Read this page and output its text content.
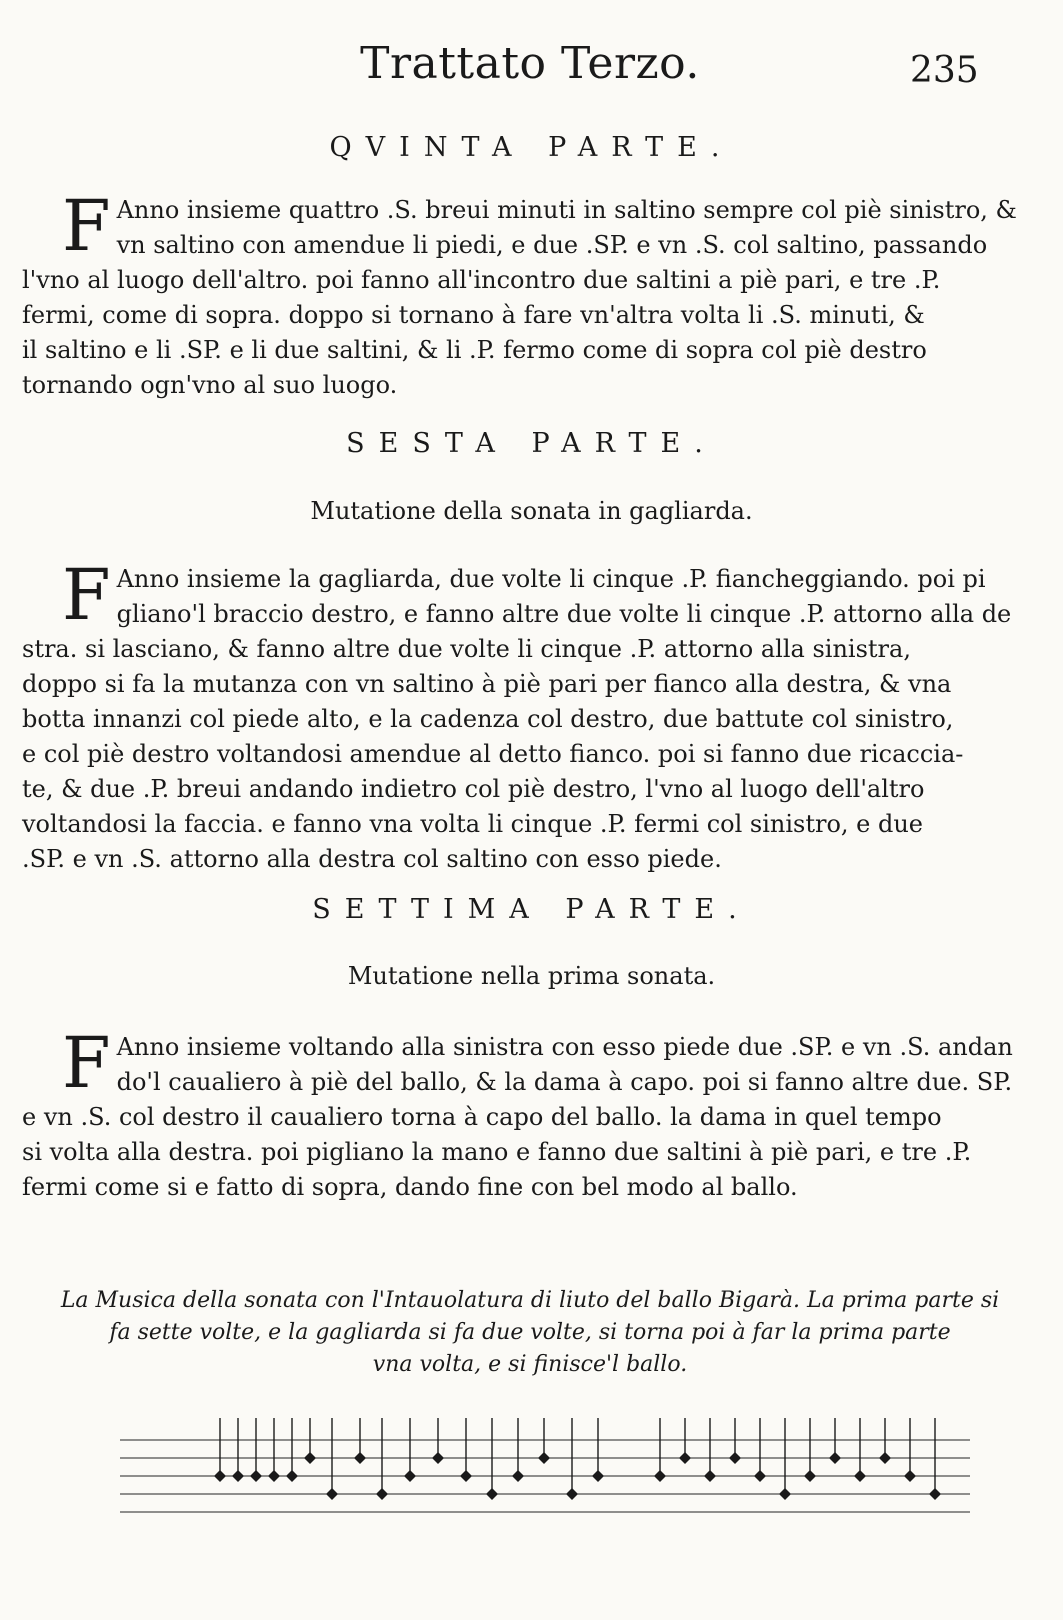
Trattato Terzo.	235
QVINTA PARTE.
F Anno insieme quattro .S. breui minuti in saltino sempre col piè sinistro, &
vn saltino con amendue li piedi, e due .SP. e vn .S. col saltino, passando
l'vno al luogo dell'altro. poi fanno all'incontro due saltini a piè pari, e tre .P.
fermi, come di sopra. doppo si tornano à fare vn'altra volta li .S. minuti, &
il saltino e li .SP. e li due saltini, & li .P. fermo come di sopra col piè destro
tornando ogn'vno al suo luogo.
SESTA PARTE.
Mutatione della sonata in gagliarda.
F Anno insieme la gagliarda, due volte li cinque .P. fiancheggiando. poi pi
gliano'l braccio destro, e fanno altre due volte li cinque .P. attorno alla de
stra. si lasciano, & fanno altre due volte li cinque .P. attorno alla sinistra,
doppo si fa la mutanza con vn saltino à piè pari per fianco alla destra, & vna
botta innanzi col piede alto, e la cadenza col destro, due battute col sinistro,
e col piè destro voltandosi amendue al detto fianco. poi si fanno due ricaccia-
te, & due .P. breui andando indietro col piè destro, l'vno al luogo dell'altro
voltandosi la faccia. e fanno vna volta li cinque .P. fermi col sinistro, e due
.SP. e vn .S. attorno alla destra col saltino con esso piede.
SETTIMA PARTE.
Mutatione nella prima sonata.
F Anno insieme voltando alla sinistra con esso piede due .SP. e vn .S. andan
do'l caualiero à piè del ballo, & la dama à capo. poi si fanno altre due. SP.
e vn .S. col destro il caualiero torna à capo del ballo. la dama in quel tempo
si volta alla destra. poi pigliano la mano e fanno due saltini à piè pari, e tre .P.
fermi come si e fatto di sopra, dando fine con bel modo al ballo.
La Musica della sonata con l'Intauolatura di liuto del ballo Bigarà. La prima parte si
fa sette volte, e la gagliarda si fa due volte, si torna poi à far la prima parte
vna volta, e si finisce'l ballo.
